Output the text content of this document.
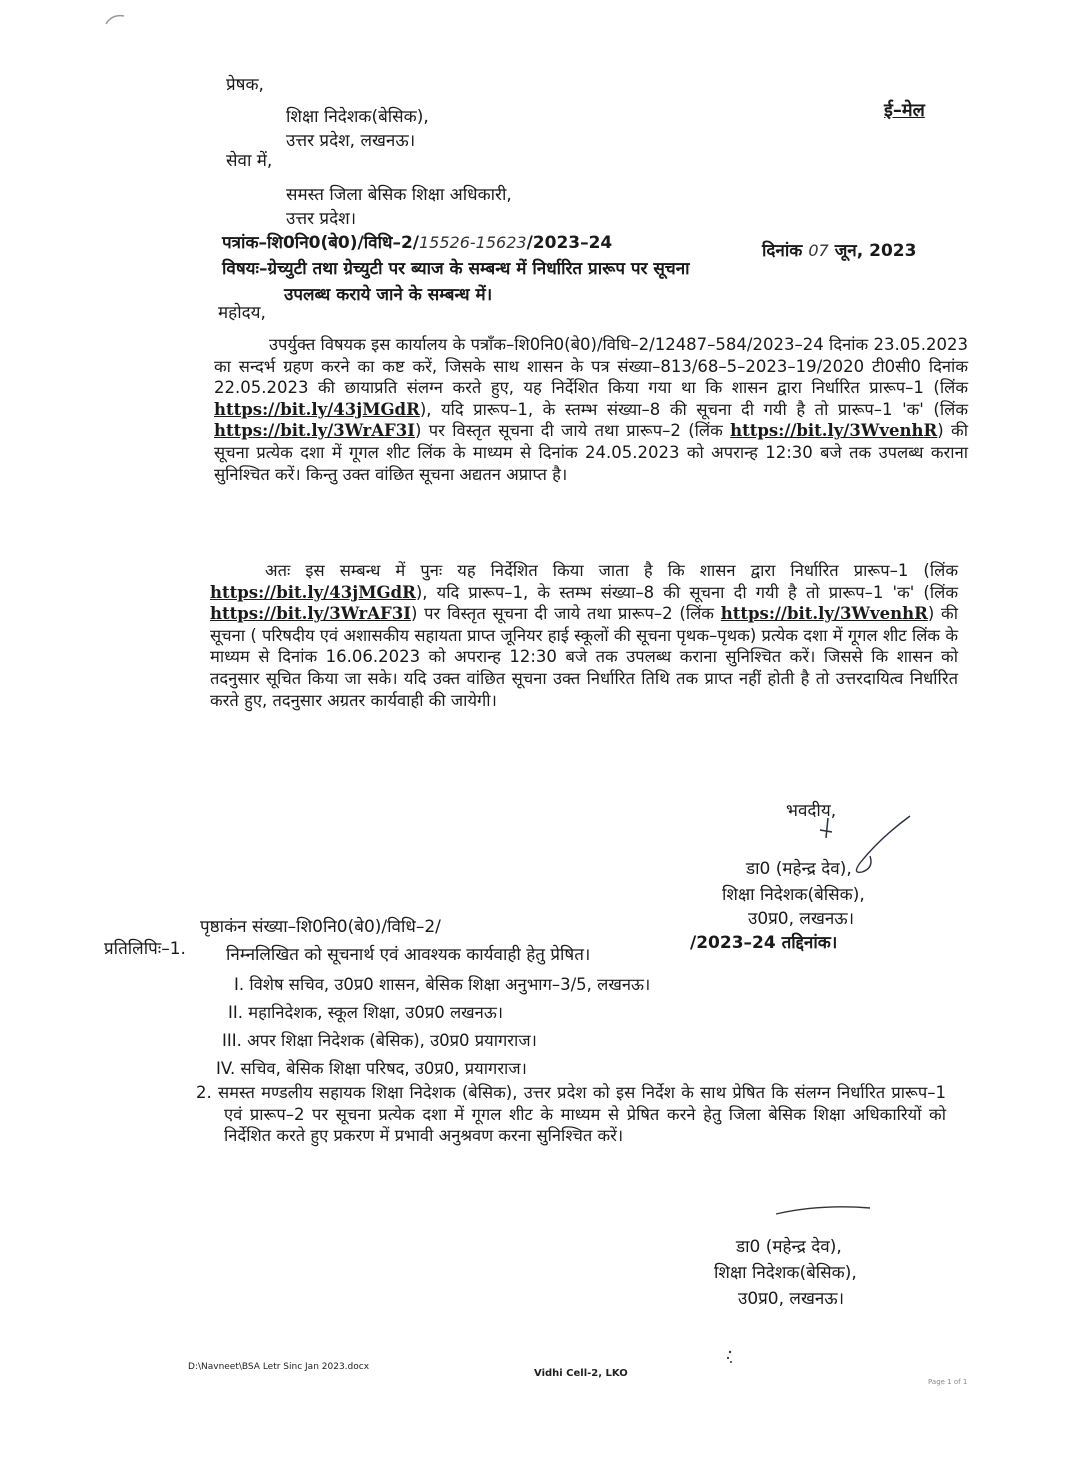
प्रेषक,
शिक्षा निदेशक(बेसिक),
उत्तर प्रदेश, लखनऊ।
ई–मेल
सेवा में,
समस्त जिला बेसिक शिक्षा अधिकारी,
उत्तर प्रदेश।
पत्रांक–शि0नि0(बे0)/विधि–2/15526-15623/2023–24	दिनांक 07 जून, 2023
विषयः–ग्रेच्युटी तथा ग्रेच्युटी पर ब्याज के सम्बन्ध में निर्धारित प्रारूप पर सूचना
उपलब्ध कराये जाने के सम्बन्ध में।
महोदय,

उपर्युक्त विषयक इस कार्यालय के पत्राँक–शि0नि0(बे0)/विधि–2/12487–584/2023–24 दिनांक 23.05.2023 का सन्दर्भ ग्रहण करने का कष्ट करें, जिसके साथ शासन के पत्र संख्या–813/68–5–2023–19/2020 टी0सी0 दिनांक 22.05.2023 की छायाप्रति संलग्न करते हुए, यह निर्देशित किया गया था कि शासन द्वारा निर्धारित प्रारूप–1 (लिंक https://bit.ly/43jMGdR), यदि प्रारूप–1, के स्तम्भ संख्या–8 की सूचना दी गयी है तो प्रारूप–1 'क' (लिंक https://bit.ly/3WrAF3I) पर विस्तृत सूचना दी जाये तथा प्रारूप–2 (लिंक https://bit.ly/3WvenhR) की सूचना प्रत्येक दशा में गूगल शीट लिंक के माध्यम से दिनांक 24.05.2023 को अपरान्ह 12:30 बजे तक उपलब्ध कराना सुनिश्चित करें। किन्तु उक्त वांछित सूचना अद्यतन अप्राप्त है।

अतः इस सम्बन्ध में पुनः यह निर्देशित किया जाता है कि शासन द्वारा निर्धारित प्रारूप–1 (लिंक https://bit.ly/43jMGdR), यदि प्रारूप–1, के स्तम्भ संख्या–8 की सूचना दी गयी है तो प्रारूप–1 'क' (लिंक https://bit.ly/3WrAF3I) पर विस्तृत सूचना दी जाये तथा प्रारूप–2 (लिंक https://bit.ly/3WvenhR) की सूचना ( परिषदीय एवं अशासकीय सहायता प्राप्त जूनियर हाई स्कूलों की सूचना पृथक–पृथक) प्रत्येक दशा में गूगल शीट लिंक के माध्यम से दिनांक 16.06.2023 को अपरान्ह 12:30 बजे तक उपलब्ध कराना सुनिश्चित करें। जिससे कि शासन को तदनुसार सूचित किया जा सके। यदि उक्त वांछित सूचना उक्त निर्धारित तिथि तक प्राप्त नहीं होती है तो उत्तरदायित्व निर्धारित करते हुए, तदनुसार अग्रतर कार्यवाही की जायेगी।

भवदीय,
डा0 (महेन्द्र देव),
शिक्षा निदेशक(बेसिक),
उ0प्र0, लखनऊ।
पृष्ठाकंन संख्या–शि0नि0(बे0)/विधि–2/
/2023–24 तद्दिनांक।
प्रतिलिपिः–1. निम्नलिखित को सूचनार्थ एवं आवश्यक कार्यवाही हेतु प्रेषित।
I. विशेष सचिव, उ0प्र0 शासन, बेसिक शिक्षा अनुभाग–3/5, लखनऊ।
II. महानिदेशक, स्कूल शिक्षा, उ0प्र0 लखनऊ।
III. अपर शिक्षा निदेशक (बेसिक), उ0प्र0 प्रयागराज।
IV. सचिव, बेसिक शिक्षा परिषद, उ0प्र0, प्रयागराज।

2. समस्त मण्डलीय सहायक शिक्षा निदेशक (बेसिक), उत्तर प्रदेश को इस निर्देश के साथ प्रेषित कि संलग्न निर्धारित प्रारूप–1 एवं प्रारूप–2 पर सूचना प्रत्येक दशा में गूगल शीट के माध्यम से प्रेषित करने हेतु जिला बेसिक शिक्षा अधिकारियों को निर्देशित करते हुए प्रकरण में प्रभावी अनुश्रवण करना सुनिश्चित करें।

डा0 (महेन्द्र देव),
शिक्षा निदेशक(बेसिक),
उ0प्र0, लखनऊ।
D:\Navneet\BSA Letr Sinc Jan 2023.docx
Vidhi Cell-2, LKO
Page 1 of 1
